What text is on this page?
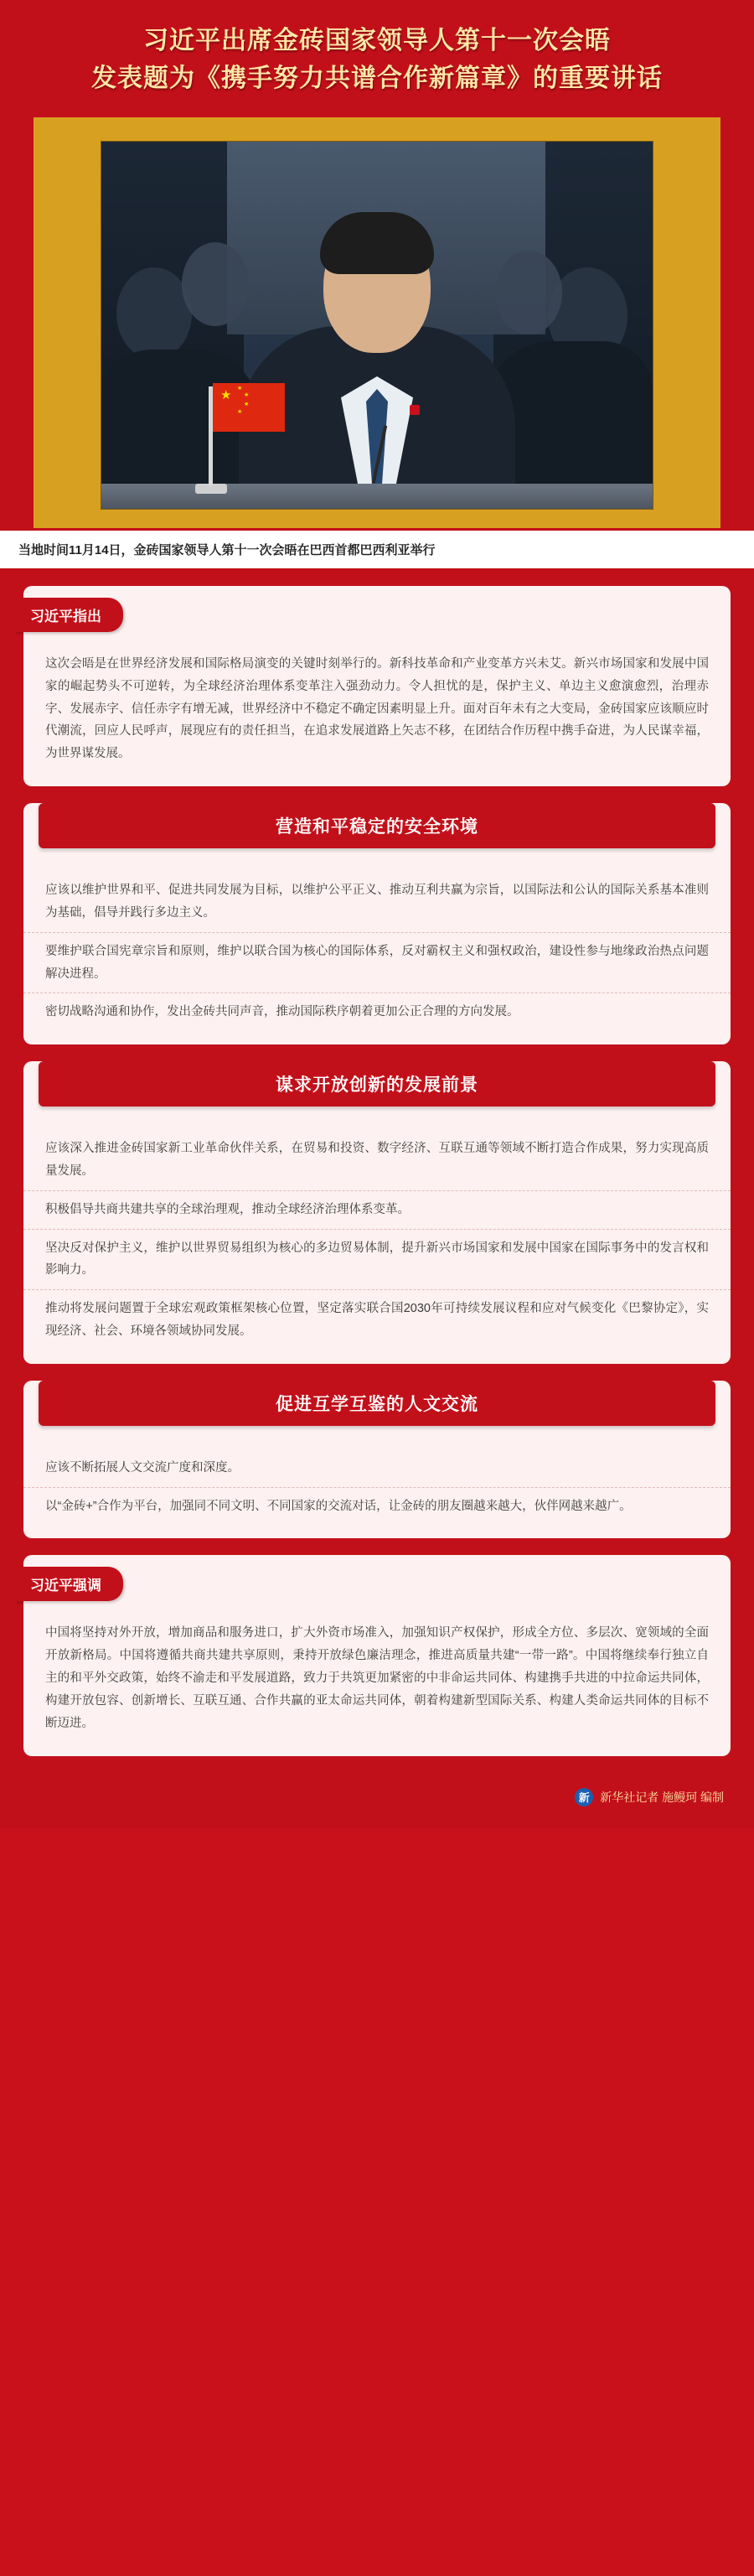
习近平出席金砖国家领导人第十一次会晤
发表题为《携手努力共谱合作新篇章》的重要讲话
★ ★
★
★
★
当地时间11月14日，金砖国家领导人第十一次会晤在巴西首都巴西利亚举行
习近平指出
这次会晤是在世界经济发展和国际格局演变的关键时刻举行的。新科技革命和产业变革方兴未艾。新兴市场国家和发展中国家的崛起势头不可逆转，为全球经济治理体系变革注入强劲动力。令人担忧的是，保护主义、单边主义愈演愈烈，治理赤字、发展赤字、信任赤字有增无减，世界经济中不稳定不确定因素明显上升。面对百年未有之大变局，金砖国家应该顺应时代潮流，回应人民呼声，展现应有的责任担当，在追求发展道路上矢志不移，在团结合作历程中携手奋进，为人民谋幸福，为世界谋发展。
营造和平稳定的安全环境
应该以维护世界和平、促进共同发展为目标，以维护公平正义、推动互利共赢为宗旨，以国际法和公认的国际关系基本准则为基础，倡导并践行多边主义。
要维护联合国宪章宗旨和原则，维护以联合国为核心的国际体系，反对霸权主义和强权政治，建设性参与地缘政治热点问题解决进程。
密切战略沟通和协作，发出金砖共同声音，推动国际秩序朝着更加公正合理的方向发展。
谋求开放创新的发展前景
应该深入推进金砖国家新工业革命伙伴关系，在贸易和投资、数字经济、互联互通等领域不断打造合作成果，努力实现高质量发展。
积极倡导共商共建共享的全球治理观，推动全球经济治理体系变革。
坚决反对保护主义，维护以世界贸易组织为核心的多边贸易体制，提升新兴市场国家和发展中国家在国际事务中的发言权和影响力。
推动将发展问题置于全球宏观政策框架核心位置，坚定落实联合国2030年可持续发展议程和应对气候变化《巴黎协定》，实现经济、社会、环境各领域协同发展。
促进互学互鉴的人文交流
应该不断拓展人文交流广度和深度。
以“金砖+”合作为平台，加强同不同文明、不同国家的交流对话，让金砖的朋友圈越来越大，伙伴网越来越广。
习近平强调
中国将坚持对外开放，增加商品和服务进口，扩大外资市场准入，加强知识产权保护，形成全方位、多层次、宽领域的全面开放新格局。中国将遵循共商共建共享原则，秉持开放绿色廉洁理念，推进高质量共建“一带一路”。中国将继续奉行独立自主的和平外交政策，始终不渝走和平发展道路，致力于共筑更加紧密的中非命运共同体、构建携手共进的中拉命运共同体，构建开放包容、创新增长、互联互通、合作共赢的亚太命运共同体，朝着构建新型国际关系、构建人类命运共同体的目标不断迈进。
新 新华社记者 施鳗珂 编制
